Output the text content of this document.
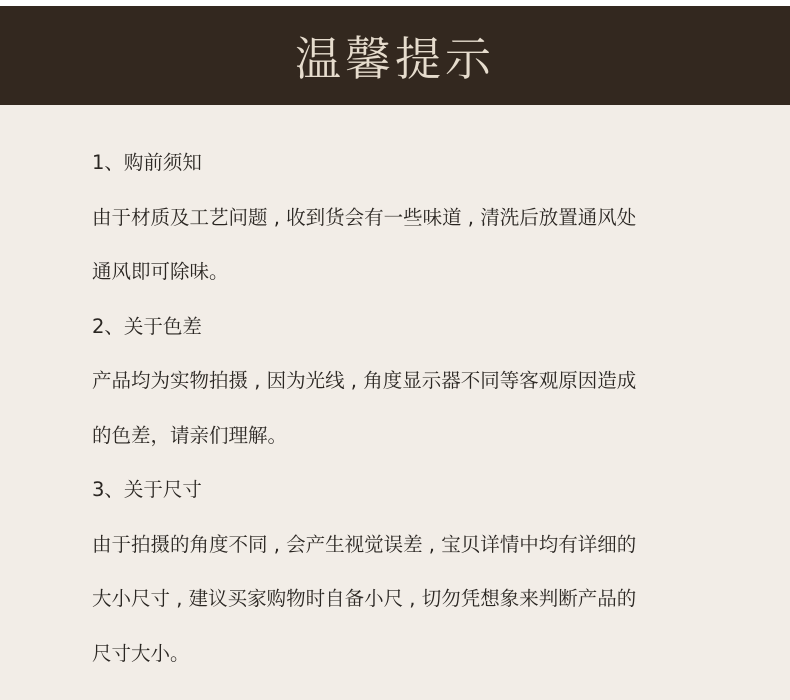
温馨提示
1、购前须知
由于材质及工艺问题 , 收到货会有一些味道 , 清洗后放置通风处
通风即可除味。
2、关于色差
产品均为实物拍摄 , 因为光线 , 角度显示器不同等客观原因造成
的色差，请亲们理解。
3、关于尺寸
由于拍摄的角度不同 , 会产生视觉误差 , 宝贝详情中均有详细的
大小尺寸 , 建议买家购物时自备小尺 , 切勿凭想象来判断产品的
尺寸大小。
